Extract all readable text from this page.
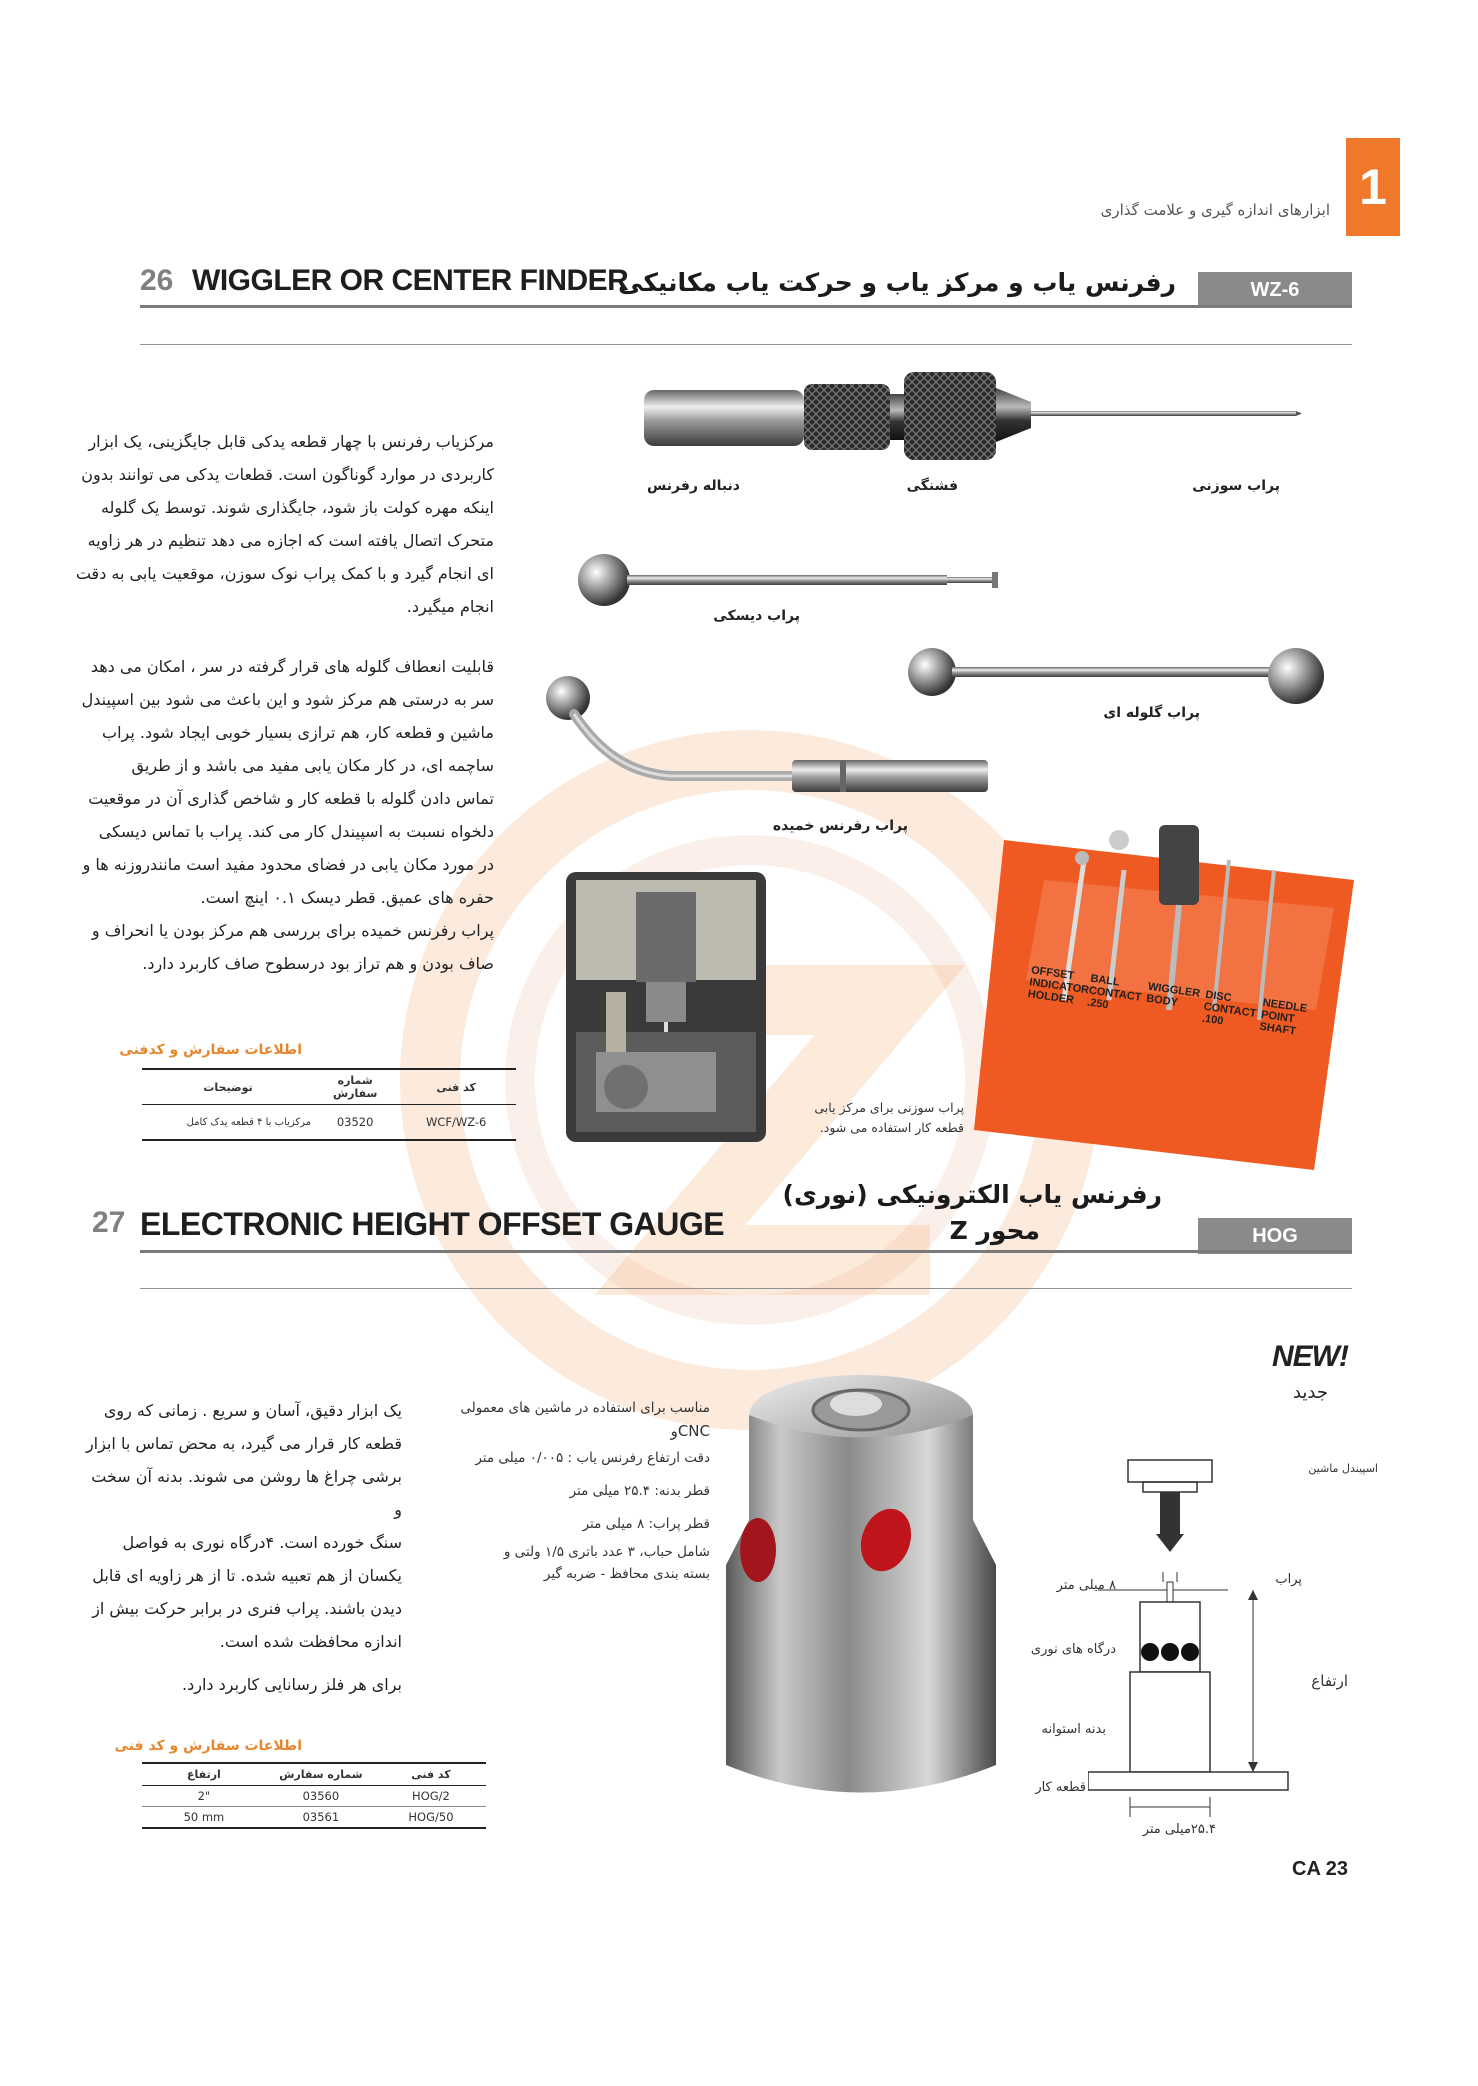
1
ابزارهای اندازه گیری و علامت گذاری
26 WIGGLER OR CENTER FINDER
رفرنس یاب و مرکز یاب و حرکت یاب مکانیکی	WZ-6
مرکزیاب رفرنس با چهار قطعه یدکی قابل جایگزینی، یک ابزار
کاربردی در موارد گوناگون است. قطعات یدکی می توانند بدون
اینکه مهره کولت باز شود، جایگذاری شوند. توسط یک گلوله
متحرک اتصال یافته است که اجازه می دهد تنظیم در هر زاویه
ای انجام گیرد و با کمک پراب نوک سوزن، موقعیت یابی به دقت
انجام میگیرد.
قابلیت انعطاف گلوله های قرار گرفته در سر ، امکان می دهد
سر به درستی هم مرکز شود و این باعث می شود بین اسپیندل
ماشین و قطعه کار، هم ترازی بسیار خوبی ایجاد شود. پراب
ساچمه ای، در کار مکان یابی مفید می باشد و از طریق
تماس دادن گلوله با قطعه کار و شاخص گذاری آن در موقعیت
دلخواه نسبت به اسپیندل کار می کند. پراب با تماس دیسکی
در مورد مکان یابی در فضای محدود مفید است مانندروزنه ها و
حفره های عمیق. قطر دیسک ۰.۱ اینچ است.
پراب رفرنس خمیده برای بررسی هم مرکز بودن یا انحراف و
صاف بودن و هم تراز بود درسطوح صاف کاربرد دارد.
دنباله رفرنس	فشنگی	پراب سوزنی
پراب دیسکی
پراب گلوله ای
پراب رفرنس خمیده
OFFSET INDICATOR HOLDER
BALL CONTACT .250
WIGGLER BODY	DISC CONTACT .100
NEEDLE POINT SHAFT
پراب سوزنی برای مرکز یابی
قطعه کار استفاده می شود.
اطلاعات سفارش و کدفنی
توضیحات	شماره سفارش	کد فنی
مرکزیاب با ۴ قطعه یدک کامل	03520	WCF/WZ-6
رفرنس یاب الکترونیکی (نوری)
محور Z
27 ELECTRONIC HEIGHT OFFSET GAUGE	HOG
NEW!
جدید
یک ابزار دقیق، آسان و سریع . زمانی که روی
قطعه کار قرار می گیرد، به محض تماس با ابزار
برشی چراغ ها روشن می شوند. بدنه آن سخت و
سنگ خورده است. ۴درگاه نوری به فواصل
یکسان از هم تعبیه شده. تا از هر زاویه ای قابل
دیدن باشند. پراب فنری در برابر حرکت بیش از
اندازه محافظت شده است.
برای هر فلز رسانایی کاربرد دارد.
مناسب برای استفاده در ماشین های معمولی
CNCو
دقت ارتفاع رفرنس یاب : ۰/۰۰۵ میلی متر
قطر بدنه: ۲۵.۴ میلی متر
قطر پراب: ۸ میلی متر
شامل حباب، ۳ عدد باتری ۱/۵ ولتی و
بسته بندی محافظ - ضربه گیر
اسپیندل ماشین
پراب
۸ میلی متر
درگاه های نوری
ارتفاع
بدنه استوانه
قطعه کار
۲۵.۴میلی متر
اطلاعات سفارش و کد فنی
ارتفاع	شماره سفارش	کد فنی
2"	03560	HOG/2
50 mm	03561	HOG/50
CA 23
